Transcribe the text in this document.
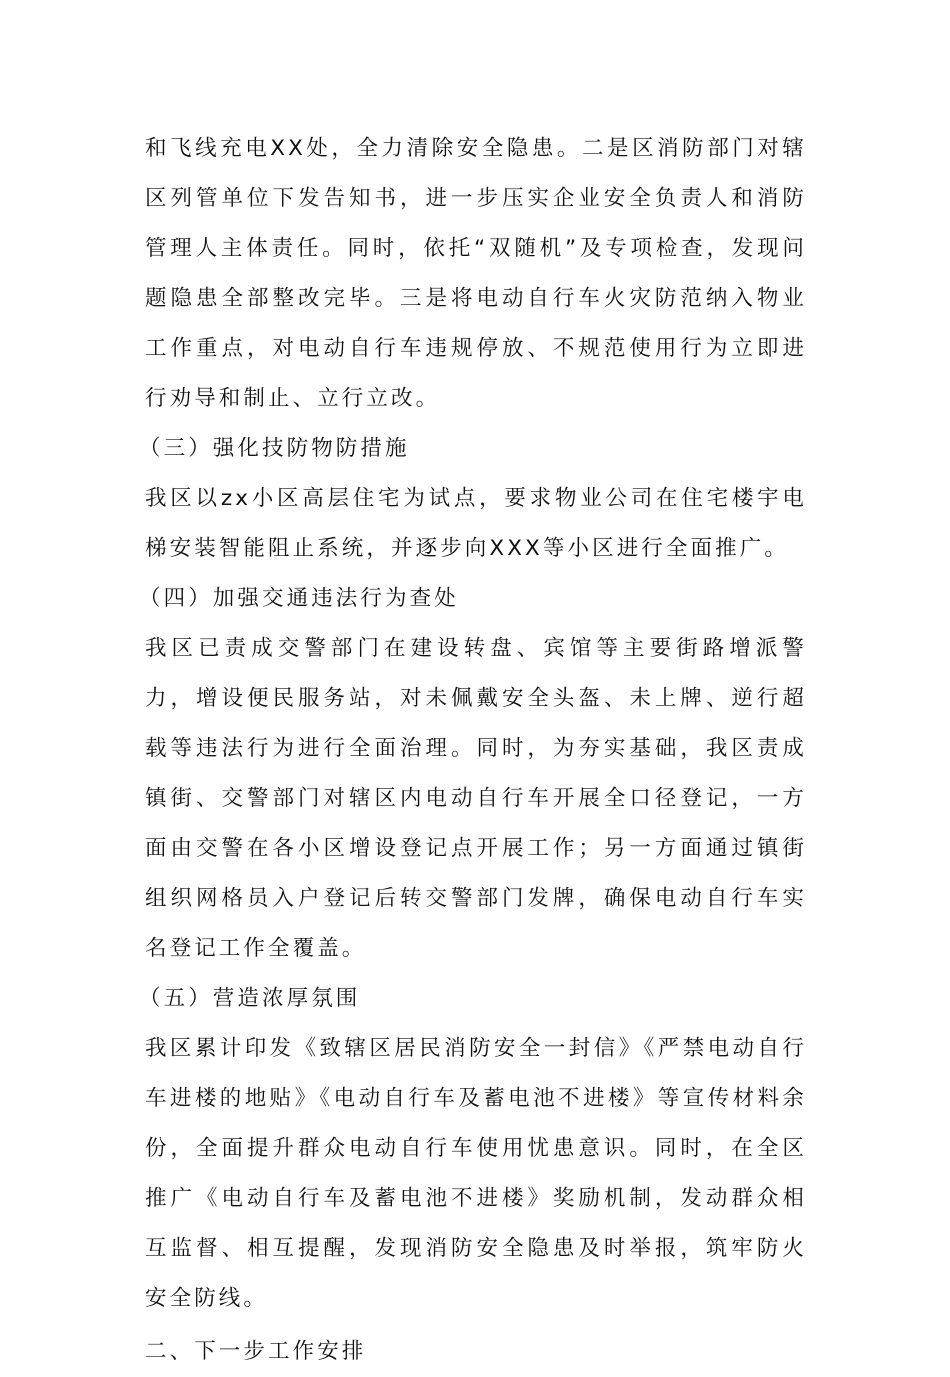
和飞线充电XX处，全力清除安全隐患。二是区消防部门对辖区列管单位下发告知书，进一步压实企业安全负责人和消防管理人主体责任。同时，依托“双随机”及专项检查，发现问题隐患全部整改完毕。三是将电动自行车火灾防范纳入物业工作重点，对电动自行车违规停放、不规范使用行为立即进行劝导和制止、立行立改。

（三）强化技防物防措施

我区以zx小区高层住宅为试点，要求物业公司在住宅楼宇电梯安装智能阻止系统，并逐步向XXX等小区进行全面推广。

（四）加强交通违法行为查处

我区已责成交警部门在建设转盘、宾馆等主要街路增派警力，增设便民服务站，对未佩戴安全头盔、未上牌、逆行超载等违法行为进行全面治理。同时，为夯实基础，我区责成镇街、交警部门对辖区内电动自行车开展全口径登记，一方面由交警在各小区增设登记点开展工作；另一方面通过镇街组织网格员入户登记后转交警部门发牌，确保电动自行车实名登记工作全覆盖。

（五）营造浓厚氛围

我区累计印发《致辖区居民消防安全一封信》《严禁电动自行车进楼的地贴》《电动自行车及蓄电池不进楼》等宣传材料余份，全面提升群众电动自行车使用忧患意识。同时，在全区推广《电动自行车及蓄电池不进楼》奖励机制，发动群众相互监督、相互提醒，发现消防安全隐患及时举报，筑牢防火安全防线。

二、下一步工作安排
